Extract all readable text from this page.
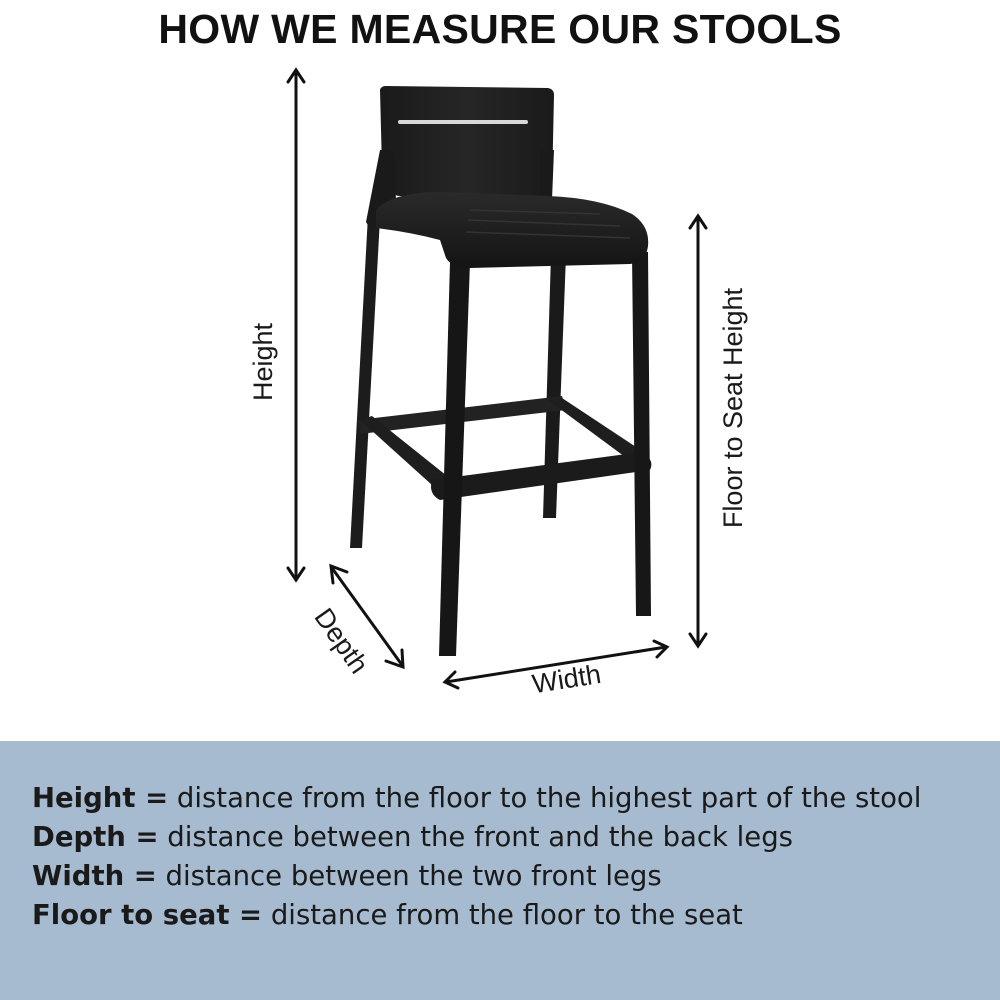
HOW WE MEASURE OUR STOOLS
Height	Floor to Seat Height
Depth
Width
Height = distance from the floor to the highest part of the stool
Depth = distance between the front and the back legs
Width = distance between the two front legs
Floor to seat = distance from the floor to the seat
